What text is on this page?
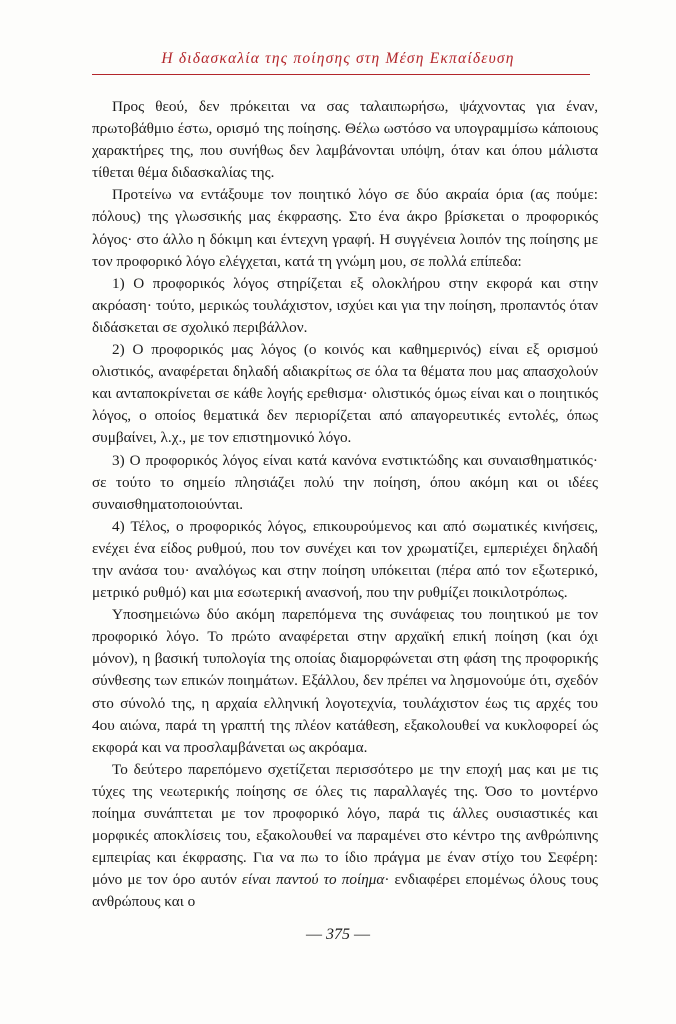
Η διδασκαλία της ποίησης στη Μέση Εκπαίδευση

Προς θεού, δεν πρόκειται να σας ταλαιπωρήσω, ψάχνοντας για έναν, πρωτοβάθμιο έστω, ορισμό της ποίησης. Θέλω ωστόσο να υπογραμμίσω κάποιους χαρακτήρες της, που συνήθως δεν λαμβάνονται υπόψη, όταν και όπου μάλιστα τίθεται θέμα διδασκαλίας της.

Προτείνω να εντάξουμε τον ποιητικό λόγο σε δύο ακραία όρια (ας πούμε: πόλους) της γλωσσικής μας έκφρασης. Στο ένα άκρο βρίσκεται ο προφορικός λόγος· στο άλλο η δόκιμη και έντεχνη γραφή. Η συγγένεια λοιπόν της ποίησης με τον προφορικό λόγο ελέγχεται, κατά τη γνώμη μου, σε πολλά επίπεδα:

1) Ο προφορικός λόγος στηρίζεται εξ ολοκλήρου στην εκφορά και στην ακρόαση· τούτο, μερικώς τουλάχιστον, ισχύει και για την ποίηση, προπαντός όταν διδάσκεται σε σχολικό περιβάλλον.

2) Ο προφορικός μας λόγος (ο κοινός και καθημερινός) είναι εξ ορισμού ολιστικός, αναφέρεται δηλαδή αδιακρίτως σε όλα τα θέματα που μας απασχολούν και ανταποκρίνεται σε κάθε λογής ερεθισμα· ολιστικός όμως είναι και ο ποιητικός λόγος, ο οποίος θεματικά δεν περιορίζεται από απαγορευτικές εντολές, όπως συμβαίνει, λ.χ., με τον επιστημονικό λόγο.

3) Ο προφορικός λόγος είναι κατά κανόνα ενστικτώδης και συναισθηματικός· σε τούτο το σημείο πλησιάζει πολύ την ποίηση, όπου ακόμη και οι ιδέες συναισθηματοποιούνται.

4) Τέλος, ο προφορικός λόγος, επικουρούμενος και από σωματικές κινήσεις, ενέχει ένα είδος ρυθμού, που τον συνέχει και τον χρωματίζει, εμπεριέχει δηλαδή την ανάσα του· αναλόγως και στην ποίηση υπόκειται (πέρα από τον εξωτερικό, μετρικό ρυθμό) και μια εσωτερική ανασνοή, που την ρυθμίζει ποικιλοτρόπως.

Υποσημειώνω δύο ακόμη παρεπόμενα της συνάφειας του ποιητικού με τον προφορικό λόγο. Το πρώτο αναφέρεται στην αρχαϊκή επική ποίηση (και όχι μόνον), η βασική τυπολογία της οποίας διαμορφώνεται στη φάση της προφορικής σύνθεσης των επικών ποιημάτων. Εξάλλου, δεν πρέπει να λησμονούμε ότι, σχεδόν στο σύνολό της, η αρχαία ελληνική λογοτεχνία, τουλάχιστον έως τις αρχές του 4ου αιώνα, παρά τη γραπτή της πλέον κατάθεση, εξακολουθεί να κυκλοφορεί ώς εκφορά και να προσλαμβάνεται ως ακρόαμα.

Το δεύτερο παρεπόμενο σχετίζεται περισσότερο με την εποχή μας και με τις τύχες της νεωτερικής ποίησης σε όλες τις παραλλαγές της. Όσο το μοντέρνο ποίημα συνάπτεται με τον προφορικό λόγο, παρά τις άλλες ουσιαστικές και μορφικές αποκλίσεις του, εξακολουθεί να παραμένει στο κέντρο της ανθρώπινης εμπειρίας και έκφρασης. Για να πω το ίδιο πράγμα με έναν στίχο του Σεφέρη: μόνο με τον όρο αυτόν είναι παντού το ποίημα· ενδιαφέρει επομένως όλους τους ανθρώπους και ο

— 375 —
